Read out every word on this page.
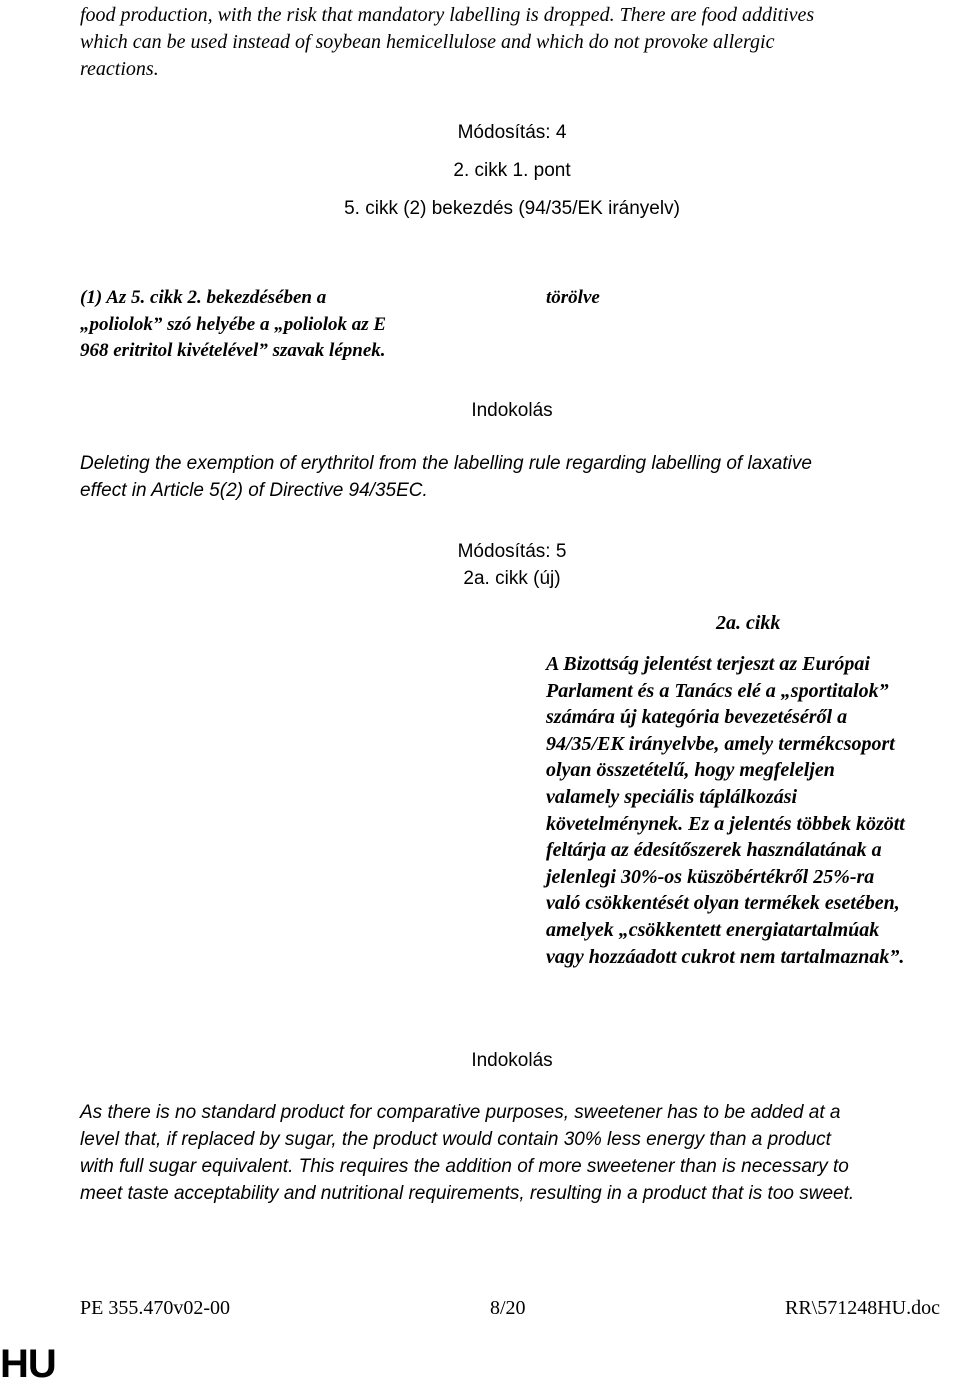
food production, with the risk that mandatory labelling is dropped. There are food additives
which can be used instead of soybean hemicellulose and which do not provoke allergic
reactions.
Módosítás: 4
2. cikk 1. pont
5. cikk (2) bekezdés (94/35/EK irányelv)
(1) Az 5. cikk 2. bekezdésében a
„poliolok” szó helyébe a „poliolok az E
968 eritritol kivételével” szavak lépnek.
törölve
Indokolás
Deleting the exemption of erythritol from the labelling rule regarding labelling of laxative
effect in Article 5(2) of Directive 94/35EC.
Módosítás: 5
2a. cikk (új)
2a. cikk
A Bizottság jelentést terjeszt az Európai
Parlament és a Tanács elé a „sportitalok”
számára új kategória bevezetéséről a
94/35/EK irányelvbe, amely termékcsoport
olyan összetételű, hogy megfeleljen
valamely speciális táplálkozási
követelménynek. Ez a jelentés többek között
feltárja az édesítőszerek használatának a
jelenlegi 30%-os küszöbértékről 25%-ra
való csökkentését olyan termékek esetében,
amelyek „csökkentett energiatartalmúak
vagy hozzáadott cukrot nem tartalmaznak”.
Indokolás
As there is no standard product for comparative purposes, sweetener has to be added at a
level that, if replaced by sugar, the product would contain 30% less energy than a product
with full sugar equivalent. This requires the addition of more sweetener than is necessary to
meet taste acceptability and nutritional requirements, resulting in a product that is too sweet.
PE 355.470v02-00	8/20	RR\571248HU.doc
HU
